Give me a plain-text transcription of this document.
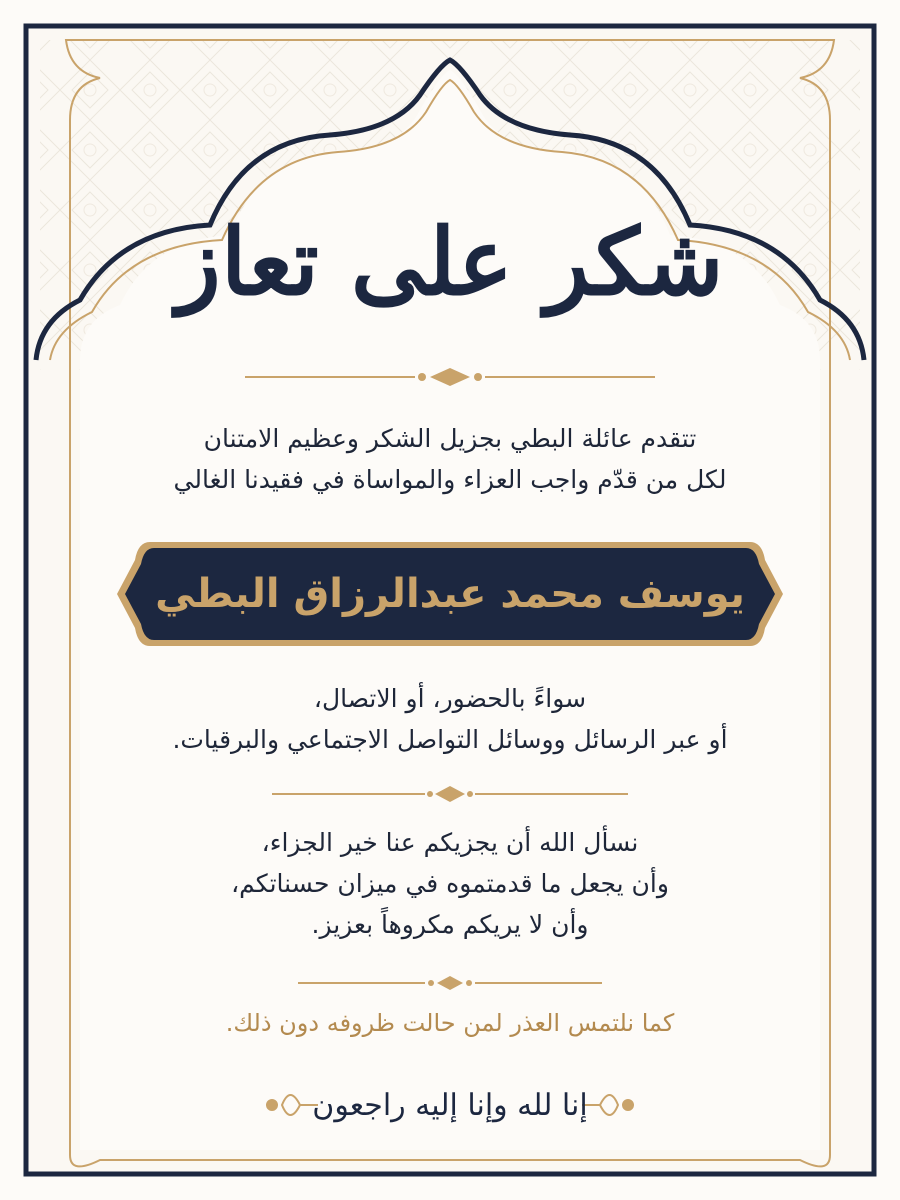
شكر على تعاز
تتقدم عائلة البطي بجزيل الشكر وعظيم الامتنان
لكل من قدّم واجب العزاء والمواساة في فقيدنا الغالي
يوسف محمد عبدالرزاق البطي
سواءً بالحضور، أو الاتصال،
أو عبر الرسائل ووسائل التواصل الاجتماعي والبرقيات.
نسأل الله أن يجزيكم عنا خير الجزاء،
وأن يجعل ما قدمتموه في ميزان حسناتكم،
وأن لا يريكم مكروهاً بعزيز.
كما نلتمس العذر لمن حالت ظروفه دون ذلك.
إنا لله وإنا إليه راجعون
